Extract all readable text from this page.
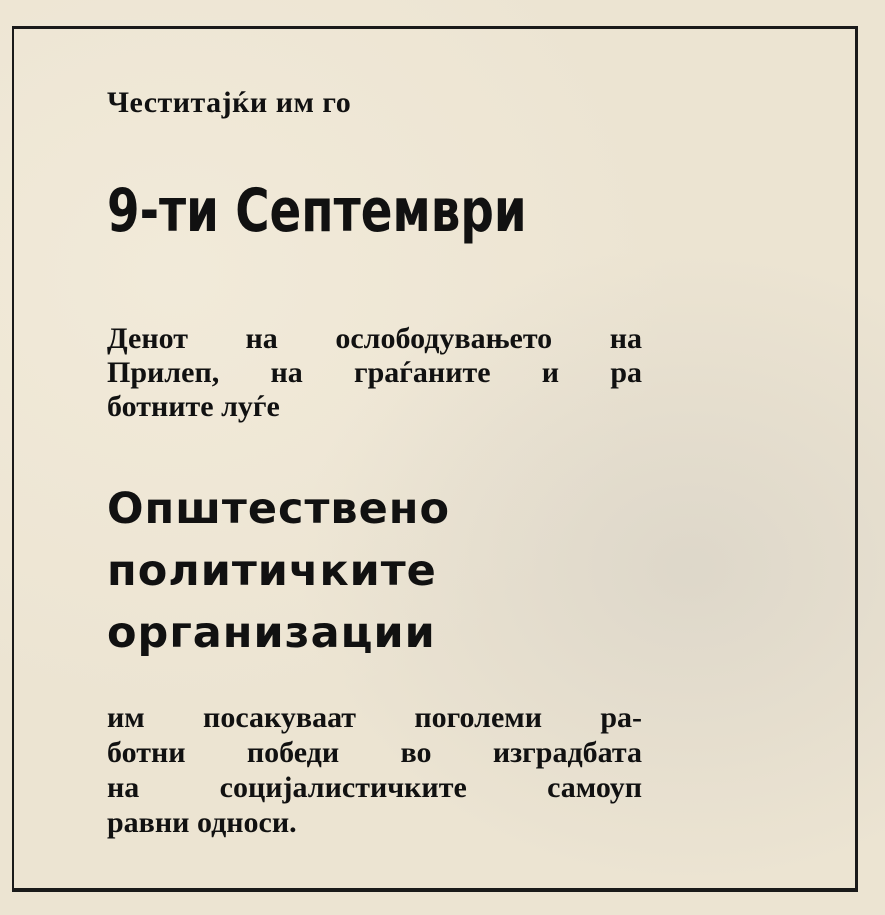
Честитајќи им го

9-ти Септември

Денот на ослободувањето на
Прилеп, на граѓаните и ра
ботните луѓе

Општествено
политичките
организации

им посакуваат поголеми ра-
ботни победи во изградбата
на социјалистичките самоуп
равни односи.
